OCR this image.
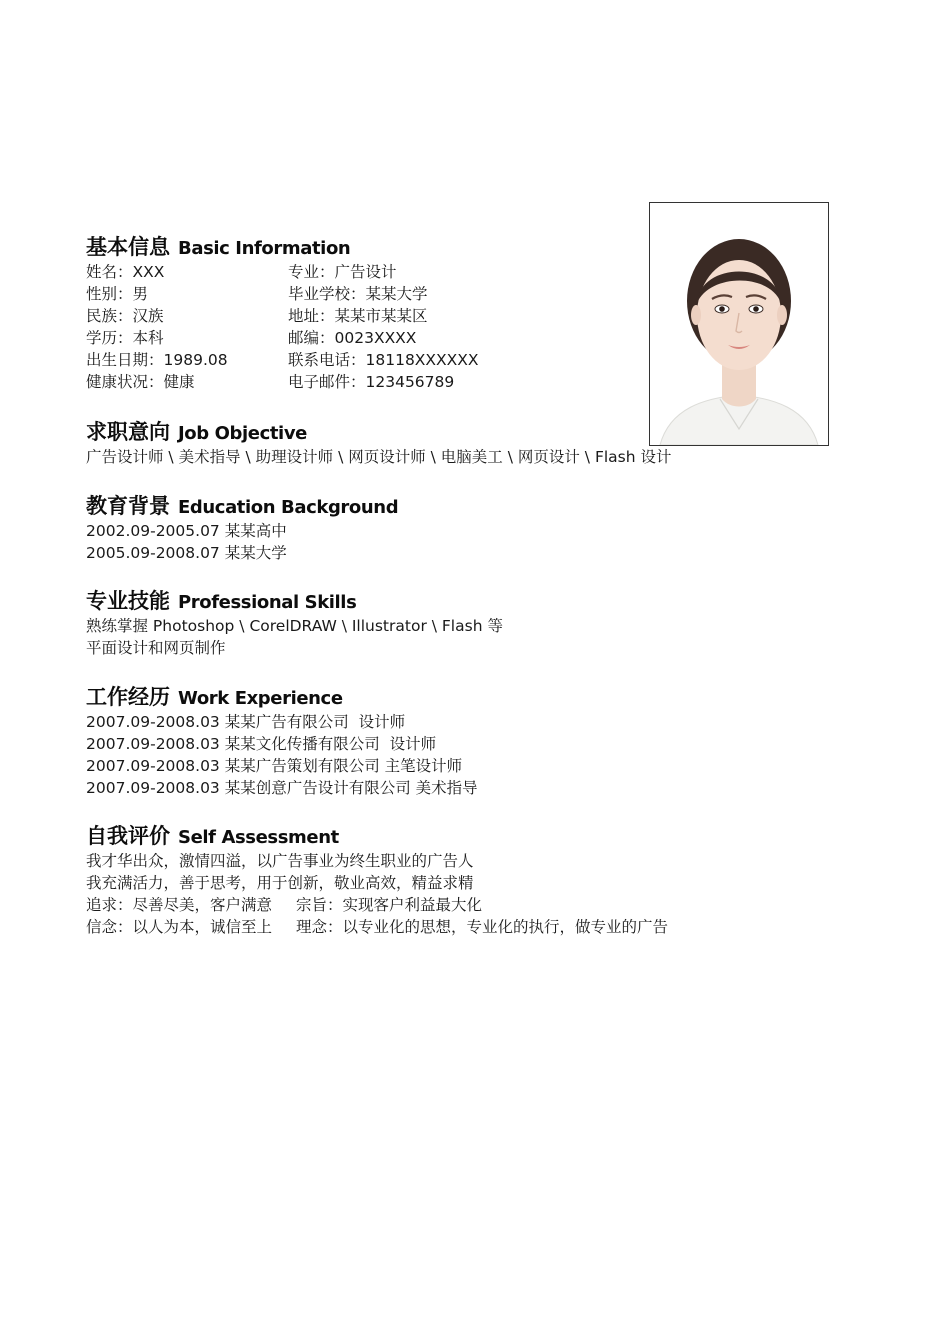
基本信息 Basic Information
姓名：XXX
性别：男
民族：汉族
学历：本科
出生日期：1989.08
健康状况：健康
专业：广告设计
毕业学校：某某大学
地址：某某市某某区
邮编：0023XXXX
联系电话：18118XXXXXX
电子邮件：123456789
求职意向 Job Objective
广告设计师 \ 美术指导 \ 助理设计师 \ 网页设计师 \ 电脑美工 \ 网页设计 \ Flash 设计
教育背景 Education Background
2002.09-2005.07 某某高中
2005.09-2008.07 某某大学
专业技能 Professional Skills
熟练掌握 Photoshop \ CorelDRAW \ Illustrator \ Flash 等
平面设计和网页制作
工作经历 Work Experience
2007.09-2008.03 某某广告有限公司  设计师
2007.09-2008.03 某某文化传播有限公司  设计师
2007.09-2008.03 某某广告策划有限公司 主笔设计师
2007.09-2008.03 某某创意广告设计有限公司 美术指导
自我评价 Self Assessment
我才华出众，激情四溢，以广告事业为终生职业的广告人
我充满活力，善于思考，用于创新，敬业高效，精益求精
追求：尽善尽美，客户满意 宗旨：实现客户利益最大化
信念：以人为本，诚信至上 理念：以专业化的思想，专业化的执行，做专业的广告
